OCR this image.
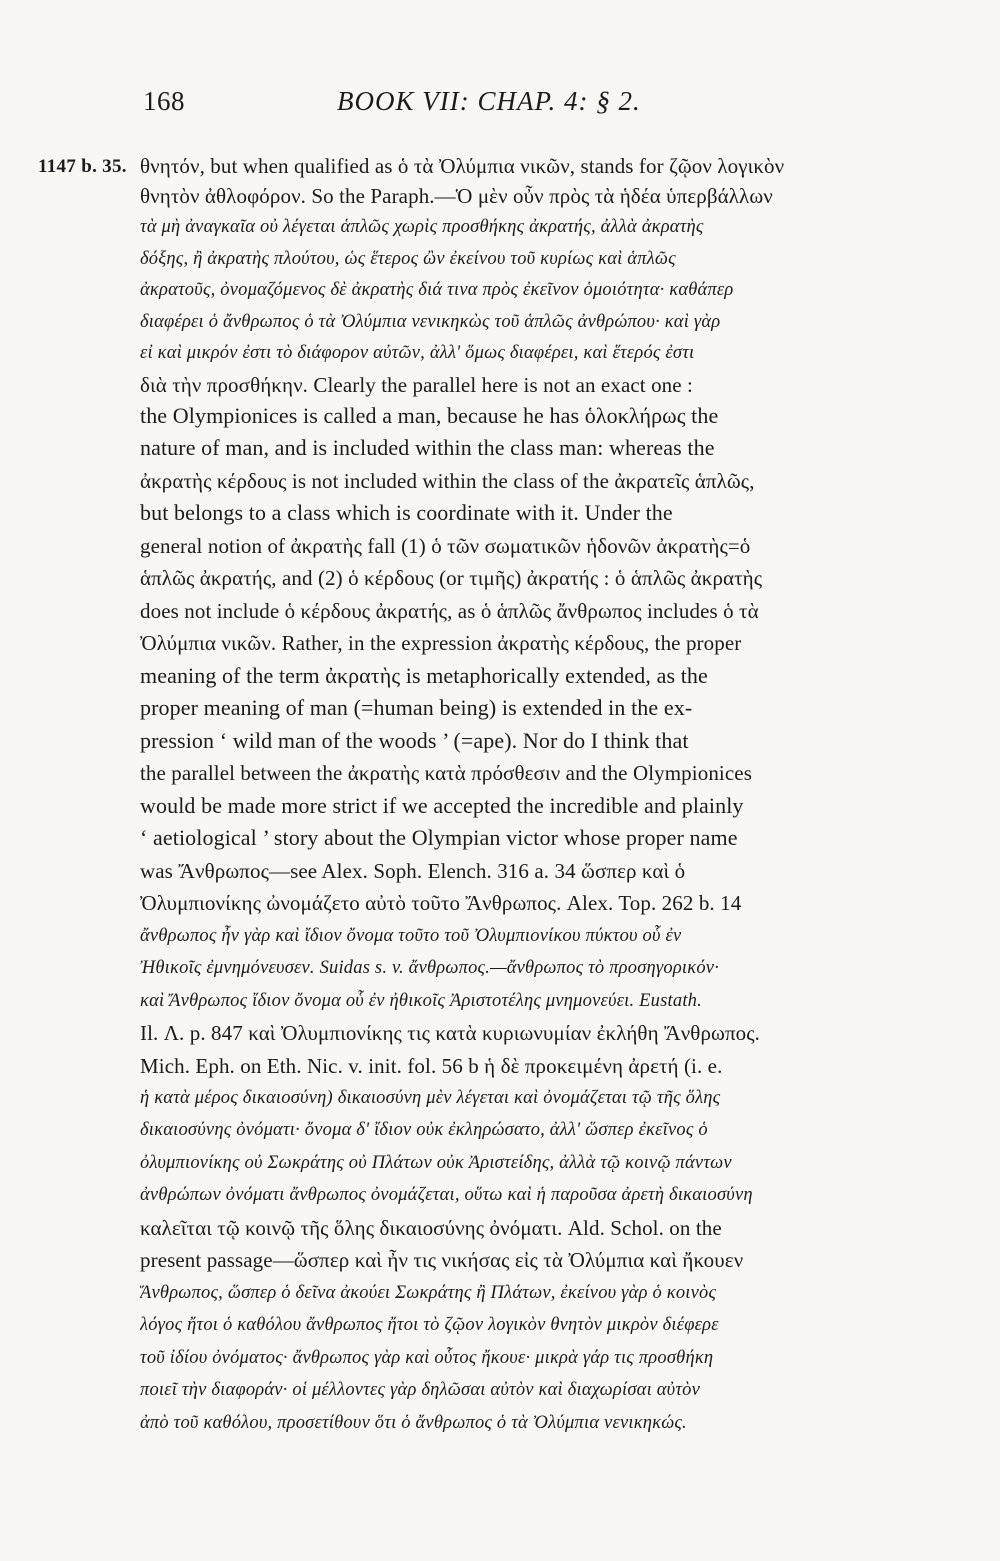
168	BOOK VII: CHAP. 4: § 2.
1147 b. 35. θνητόν, but when qualified as ὁ τὰ Ὀλύμπια νικῶν, stands for ζῷον λογικὸν
θνητὸν ἀθλοφόρον. So the Paraph.—Ὁ μὲν οὖν πρὸς τὰ ἡδέα ὑπερβάλλων
τὰ μὴ ἀναγκαῖα οὐ λέγεται ἁπλῶς χωρὶς προσθήκης ἀκρατής, ἀλλὰ ἀκρατὴς
δόξης, ἢ ἀκρατὴς πλούτου, ὡς ἕτερος ὢν ἐκείνου τοῦ κυρίως καὶ ἁπλῶς
ἀκρατοῦς, ὀνομαζόμενος δὲ ἀκρατὴς διά τινα πρὸς ἐκεῖνον ὁμοιότητα· καθάπερ
διαφέρει ὁ ἄνθρωπος ὁ τὰ Ὀλύμπια νενικηκὼς τοῦ ἁπλῶς ἀνθρώπου· καὶ γὰρ
εἰ καὶ μικρόν ἐστι τὸ διάφορον αὐτῶν, ἀλλ' ὅμως διαφέρει, καὶ ἕτερός ἐστι
διὰ τὴν προσθήκην. Clearly the parallel here is not an exact one :
the Olympionices is called a man, because he has ὁλοκλήρως the
nature of man, and is included within the class man: whereas the
ἀκρατὴς κέρδους is not included within the class of the ἀκρατεῖς ἁπλῶς,
but belongs to a class which is coordinate with it. Under the
general notion of ἀκρατὴς fall (1) ὁ τῶν σωματικῶν ἡδονῶν ἀκρατὴς=ὁ
ἁπλῶς ἀκρατής, and (2) ὁ κέρδους (or τιμῆς) ἀκρατής : ὁ ἁπλῶς ἀκρατὴς
does not include ὁ κέρδους ἀκρατής, as ὁ ἁπλῶς ἄνθρωπος includes ὁ τὰ
Ὀλύμπια νικῶν. Rather, in the expression ἀκρατὴς κέρδους, the proper
meaning of the term ἀκρατὴς is metaphorically extended, as the
proper meaning of man (=human being) is extended in the ex-
pression ‘ wild man of the woods ’ (=ape). Nor do I think that
the parallel between the ἀκρατὴς κατὰ πρόσθεσιν and the Olympionices
would be made more strict if we accepted the incredible and plainly
‘ aetiological ’ story about the Olympian victor whose proper name
was Ἄνθρωπος—see Alex. Soph. Elench. 316 a. 34 ὥσπερ καὶ ὁ
Ὀλυμπιονίκης ὠνομάζετο αὐτὸ τοῦτο Ἄνθρωπος. Alex. Top. 262 b. 14
ἄνθρωπος ἦν γὰρ καὶ ἴδιον ὄνομα τοῦτο τοῦ Ὀλυμπιονίκου πύκτου οὗ ἐν
Ἠθικοῖς ἐμνημόνευσεν. Suidas s. v. ἄνθρωπος.—ἄνθρωπος τὸ προσηγορικόν·
καὶ Ἄνθρωπος ἴδιον ὄνομα οὗ ἐν ἠθικοῖς Ἀριστοτέλης μνημονεύει. Eustath.
Il. Λ. p. 847 καὶ Ὀλυμπιονίκης τις κατὰ κυριωνυμίαν ἐκλήθη Ἄνθρωπος.
Mich. Eph. on Eth. Nic. v. init. fol. 56 b ἡ δὲ προκειμένη ἀρετή (i. e.
ἡ κατὰ μέρος δικαιοσύνη) δικαιοσύνη μὲν λέγεται καὶ ὀνομάζεται τῷ τῆς ὅλης
δικαιοσύνης ὀνόματι· ὄνομα δ' ἴδιον οὐκ ἐκληρώσατο, ἀλλ' ὥσπερ ἐκεῖνος ὁ
ὀλυμπιονίκης οὐ Σωκράτης οὐ Πλάτων οὐκ Ἀριστείδης, ἀλλὰ τῷ κοινῷ πάντων
ἀνθρώπων ὀνόματι ἄνθρωπος ὀνομάζεται, οὕτω καὶ ἡ παροῦσα ἀρετὴ δικαιοσύνη
καλεῖται τῷ κοινῷ τῆς ὅλης δικαιοσύνης ὀνόματι. Ald. Schol. on the
present passage—ὥσπερ καὶ ἦν τις νικήσας εἰς τὰ Ὀλύμπια καὶ ἤκουεν
Ἄνθρωπος, ὥσπερ ὁ δεῖνα ἀκούει Σωκράτης ἢ Πλάτων, ἐκείνου γὰρ ὁ κοινὸς
λόγος ἤτοι ὁ καθόλου ἄνθρωπος ἤτοι τὸ ζῷον λογικὸν θνητὸν μικρὸν διέφερε
τοῦ ἰδίου ὀνόματος· ἄνθρωπος γὰρ καὶ οὗτος ἤκουε· μικρὰ γάρ τις προσθήκη
ποιεῖ τὴν διαφοράν· οἱ μέλλοντες γὰρ δηλῶσαι αὐτὸν καὶ διαχωρίσαι αὐτὸν
ἀπὸ τοῦ καθόλου, προσετίθουν ὅτι ὁ ἄνθρωπος ὁ τὰ Ὀλύμπια νενικηκώς.
